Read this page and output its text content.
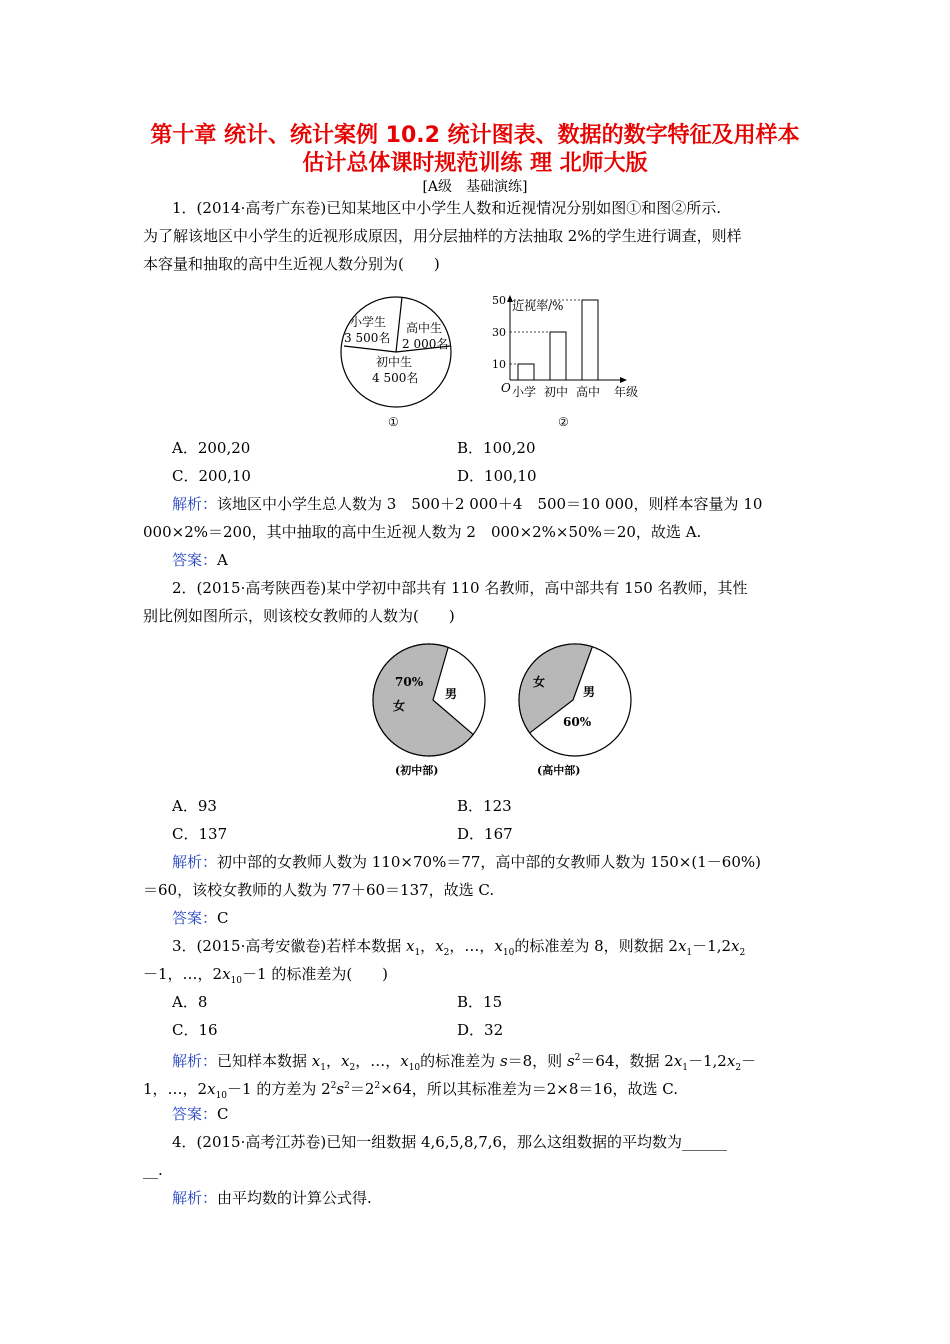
第十章 统计、统计案例 10.2 统计图表、数据的数字特征及用样本
估计总体课时规范训练 理 北师大版
[A级　基础演练]
1．(2014·高考广东卷)已知某地区中小学生人数和近视情况分别如图①和图②所示.
为了解该地区中小学生的近视形成原因，用分层抽样的方法抽取 2%的学生进行调查，则样
本容量和抽取的高中生近视人数分别为(　　)
小学生
3 500名
高中生
2 000名
初中生
4 500名
①
近视率/%
O	年级
10
30
50
小学 初中 高中
②
A．200,20	B．100,20
C．200,10	D．100,10
解析：该地区中小学生总人数为 3　500＋2 000＋4　500＝10 000，则样本容量为 10
000×2%＝200，其中抽取的高中生近视人数为 2　000×2%×50%＝20，故选 A.
答案：A
2．(2015·高考陕西卷)某中学初中部共有 110 名教师，高中部共有 150 名教师，其性
别比例如图所示，则该校女教师的人数为(　　)
70%
女
男
(初中部)
女
男
60%
(高中部)
A．93	B．123
C．137	D．167
解析：初中部的女教师人数为 110×70%＝77，高中部的女教师人数为 150×(1－60%)
＝60，该校女教师的人数为 77＋60＝137，故选 C.
答案：C
3．(2015·高考安徽卷)若样本数据 $x_1$，$x_2$，…，$x_{10}$的标准差为 8，则数据 $2x_1-1,2x_2$
－1，…，$2x_{10}-1$ 的标准差为(　　)
A．8	B．15
C．16	D．32
解析：已知样本数据 $x_1$，$x_2$，…，$x_{10}$的标准差为 s＝8，则 $s^2=64$，数据 $2x_1-1,2x_2-$
1，…，$2x_{10}-1$ 的方差为 $2^2s^2=2^2\times 64$，所以其标准差为＝2×8＝16，故选 C.
答案：C
4．(2015·高考江苏卷)已知一组数据 4,6,5,8,7,6，那么这组数据的平均数为______
__.
解析：由平均数的计算公式得.
